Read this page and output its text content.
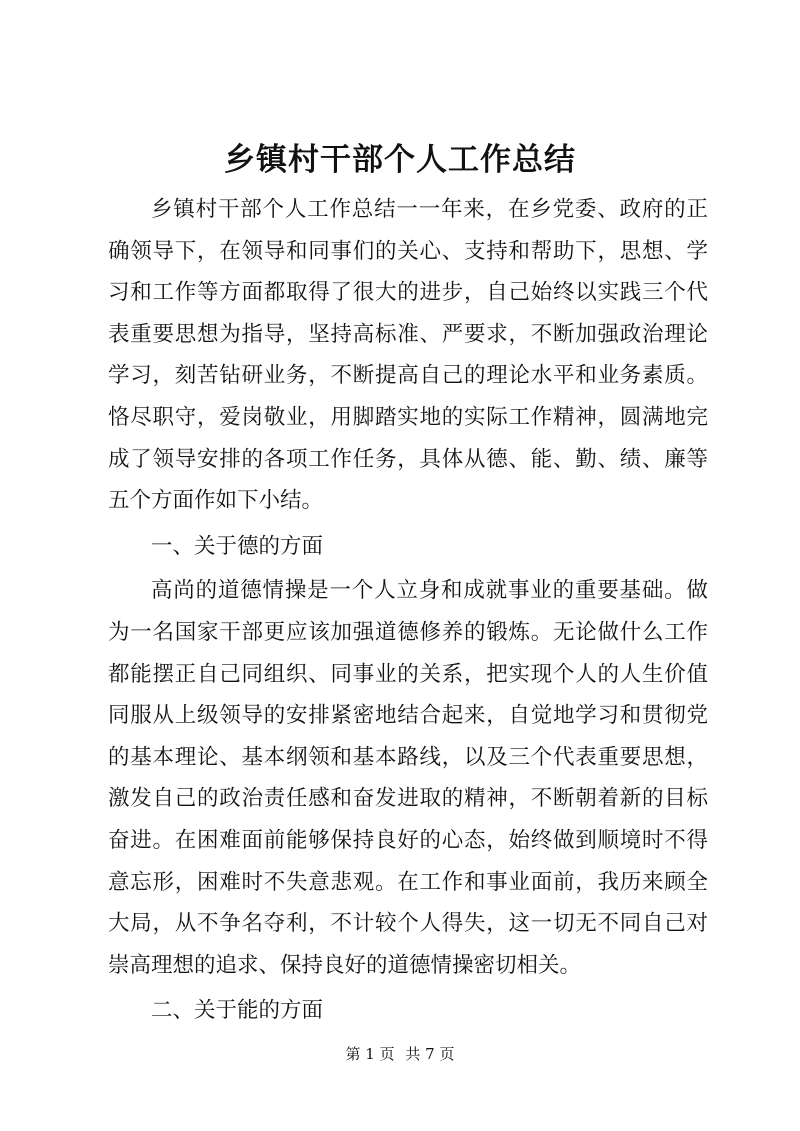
乡镇村干部个人工作总结

乡镇村干部个人工作总结一一年来，在乡党委、政府的正确领导下，在领导和同事们的关心、支持和帮助下，思想、学习和工作等方面都取得了很大的进步，自己始终以实践三个代表重要思想为指导，坚持高标准、严要求，不断加强政治理论学习，刻苦钻研业务，不断提高自己的理论水平和业务素质。恪尽职守，爱岗敬业，用脚踏实地的实际工作精神，圆满地完成了领导安排的各项工作任务，具体从德、能、勤、绩、廉等五个方面作如下小结。

一、关于德的方面

高尚的道德情操是一个人立身和成就事业的重要基础。做为一名国家干部更应该加强道德修养的锻炼。无论做什么工作都能摆正自己同组织、同事业的关系，把实现个人的人生价值同服从上级领导的安排紧密地结合起来，自觉地学习和贯彻党的基本理论、基本纲领和基本路线，以及三个代表重要思想，激发自己的政治责任感和奋发进取的精神，不断朝着新的目标奋进。在困难面前能够保持良好的心态，始终做到顺境时不得意忘形，困难时不失意悲观。在工作和事业面前，我历来顾全大局，从不争名夺利，不计较个人得失，这一切无不同自己对崇高理想的追求、保持良好的道德情操密切相关。

二、关于能的方面

第 1 页 共 7 页
